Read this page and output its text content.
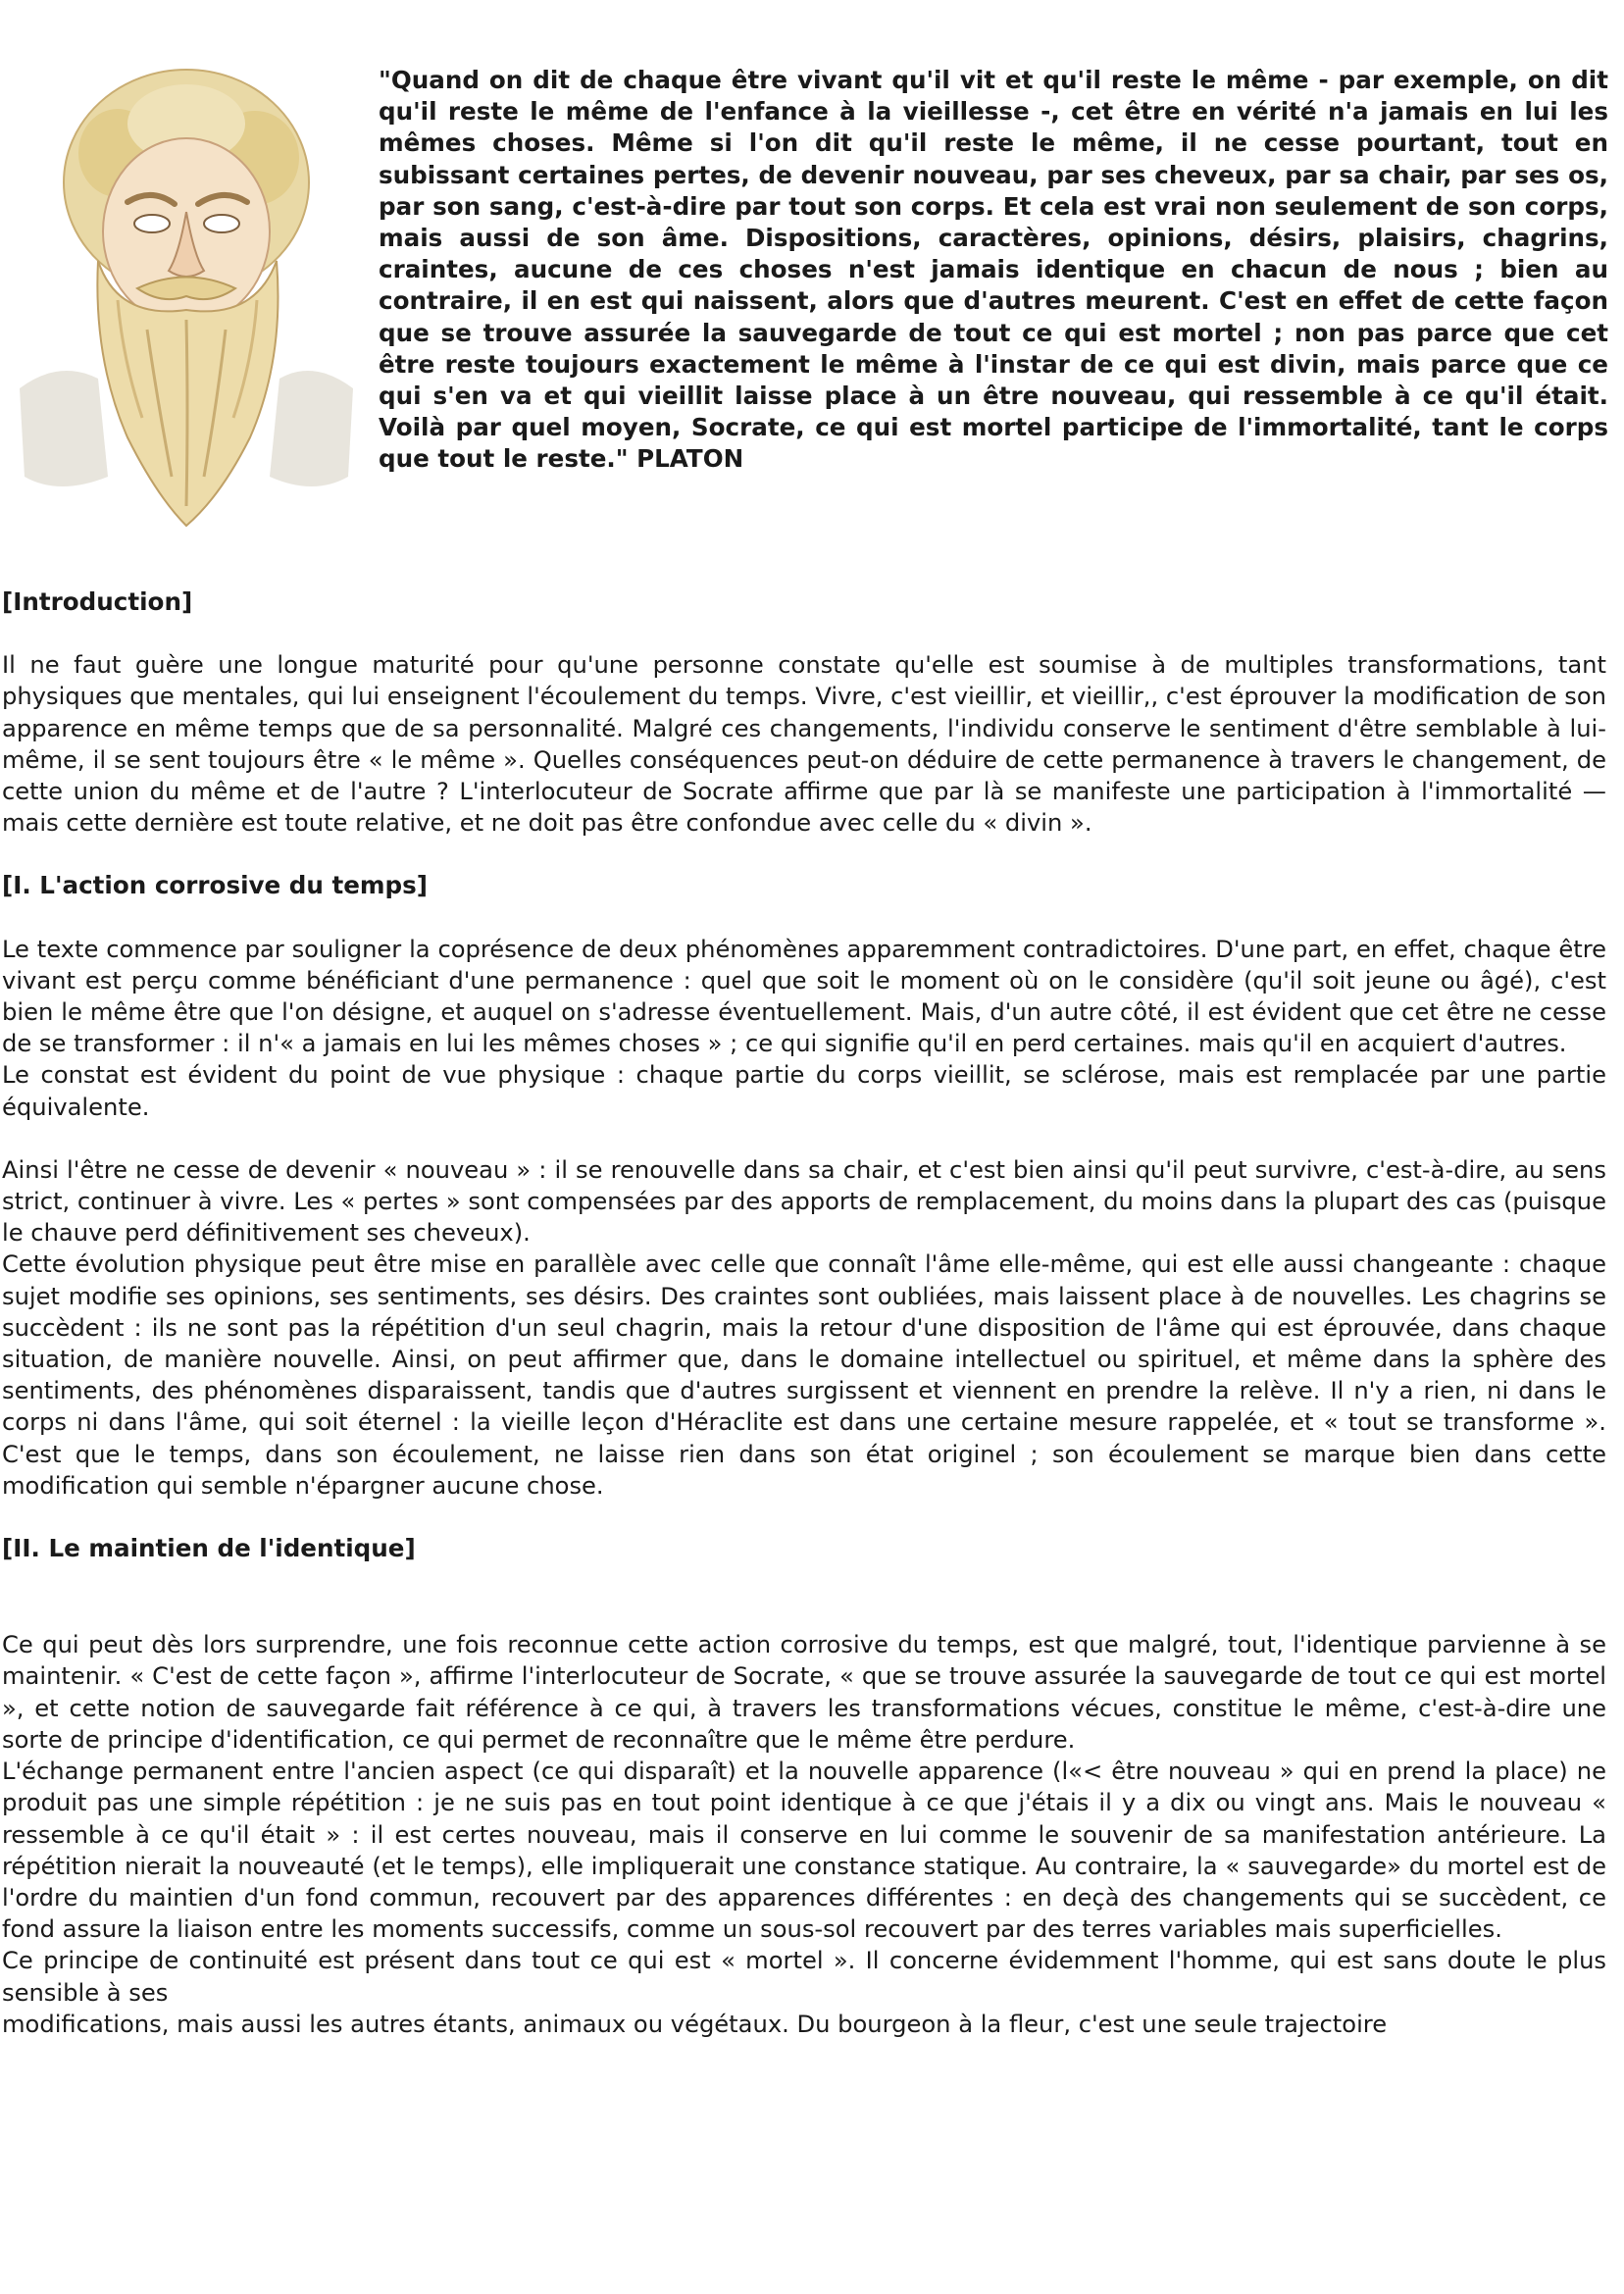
"Quand on dit de chaque être vivant qu'il vit et qu'il reste le même - par exemple, on dit qu'il reste le même de l'enfance à la vieillesse -, cet être en vérité n'a jamais en lui les mêmes choses. Même si l'on dit qu'il reste le même, il ne cesse pourtant, tout en subissant certaines pertes, de devenir nouveau, par ses cheveux, par sa chair, par ses os, par son sang, c'est-à-dire par tout son corps. Et cela est vrai non seulement de son corps, mais aussi de son âme. Dispositions, caractères, opinions, désirs, plaisirs, chagrins, craintes, aucune de ces choses n'est jamais identique en chacun de nous ; bien au contraire, il en est qui naissent, alors que d'autres meurent. C'est en effet de cette façon que se trouve assurée la sauvegarde de tout ce qui est mortel ; non pas parce que cet être reste toujours exactement le même à l'instar de ce qui est divin, mais parce que ce qui s'en va et qui vieillit laisse place à un être nouveau, qui ressemble à ce qu'il était. Voilà par quel moyen, Socrate, ce qui est mortel participe de l'immortalité, tant le corps que tout le reste." PLATON

[Introduction]

Il ne faut guère une longue maturité pour qu'une personne constate qu'elle est soumise à de multiples transformations, tant physiques que mentales, qui lui enseignent l'écoulement du temps. Vivre, c'est vieillir, et vieillir,, c'est éprouver la modification de son apparence en même temps que de sa personnalité. Malgré ces changements, l'individu conserve le sentiment d'être semblable à lui-même, il se sent toujours être « le même ». Quelles conséquences peut-on déduire de cette permanence à travers le changement, de cette union du même et de l'autre ? L'interlocuteur de Socrate affirme que par là se manifeste une participation à l'immortalité — mais cette dernière est toute relative, et ne doit pas être confondue avec celle du « divin ».

[I. L'action corrosive du temps]

Le texte commence par souligner la coprésence de deux phénomènes apparemment contradictoires. D'une part, en effet, chaque être vivant est perçu comme bénéficiant d'une permanence : quel que soit le moment où on le considère (qu'il soit jeune ou âgé), c'est bien le même être que l'on désigne, et auquel on s'adresse éventuellement. Mais, d'un autre côté, il est évident que cet être ne cesse de se transformer : il n'« a jamais en lui les mêmes choses » ; ce qui signifie qu'il en perd certaines. mais qu'il en acquiert d'autres.

Le constat est évident du point de vue physique : chaque partie du corps vieillit, se sclérose, mais est remplacée par une partie équivalente.

Ainsi l'être ne cesse de devenir « nouveau » : il se renouvelle dans sa chair, et c'est bien ainsi qu'il peut survivre, c'est-à-dire, au sens strict, continuer à vivre. Les « pertes » sont compensées par des apports de remplacement, du moins dans la plupart des cas (puisque le chauve perd définitivement ses cheveux).

Cette évolution physique peut être mise en parallèle avec celle que connaît l'âme elle-même, qui est elle aussi changeante : chaque sujet modifie ses opinions, ses sentiments, ses désirs. Des craintes sont oubliées, mais laissent place à de nouvelles. Les chagrins se succèdent : ils ne sont pas la répétition d'un seul chagrin, mais la retour d'une disposition de l'âme qui est éprouvée, dans chaque situation, de manière nouvelle. Ainsi, on peut affirmer que, dans le domaine intellectuel ou spirituel, et même dans la sphère des sentiments, des phénomènes disparaissent, tandis que d'autres surgissent et viennent en prendre la relève. Il n'y a rien, ni dans le corps ni dans l'âme, qui soit éternel : la vieille leçon d'Héraclite est dans une certaine mesure rappelée, et « tout se transforme ». C'est que le temps, dans son écoulement, ne laisse rien dans son état originel ; son écoulement se marque bien dans cette modification qui semble n'épargner aucune chose.

[II. Le maintien de l'identique]

Ce qui peut dès lors surprendre, une fois reconnue cette action corrosive du temps, est que malgré, tout, l'identique parvienne à se maintenir. « C'est de cette façon », affirme l'interlocuteur de Socrate, « que se trouve assurée la sauvegarde de tout ce qui est mortel », et cette notion de sauvegarde fait référence à ce qui, à travers les transformations vécues, constitue le même, c'est-à-dire une sorte de principe d'identification, ce qui permet de reconnaître que le même être perdure.

L'échange permanent entre l'ancien aspect (ce qui disparaît) et la nouvelle apparence (l«< être nouveau » qui en prend la place) ne produit pas une simple répétition : je ne suis pas en tout point identique à ce que j'étais il y a dix ou vingt ans. Mais le nouveau « ressemble à ce qu'il était » : il est certes nouveau, mais il conserve en lui comme le souvenir de sa manifestation antérieure. La répétition nierait la nouveauté (et le temps), elle impliquerait une constance statique. Au contraire, la « sauvegarde» du mortel est de l'ordre du maintien d'un fond commun, recouvert par des apparences différentes : en deçà des changements qui se succèdent, ce fond assure la liaison entre les moments successifs, comme un sous-sol recouvert par des terres variables mais superficielles.

Ce principe de continuité est présent dans tout ce qui est « mortel ». Il concerne évidemment l'homme, qui est sans doute le plus sensible à ses

modifications, mais aussi les autres étants, animaux ou végétaux. Du bourgeon à la fleur, c'est une seule trajectoire
